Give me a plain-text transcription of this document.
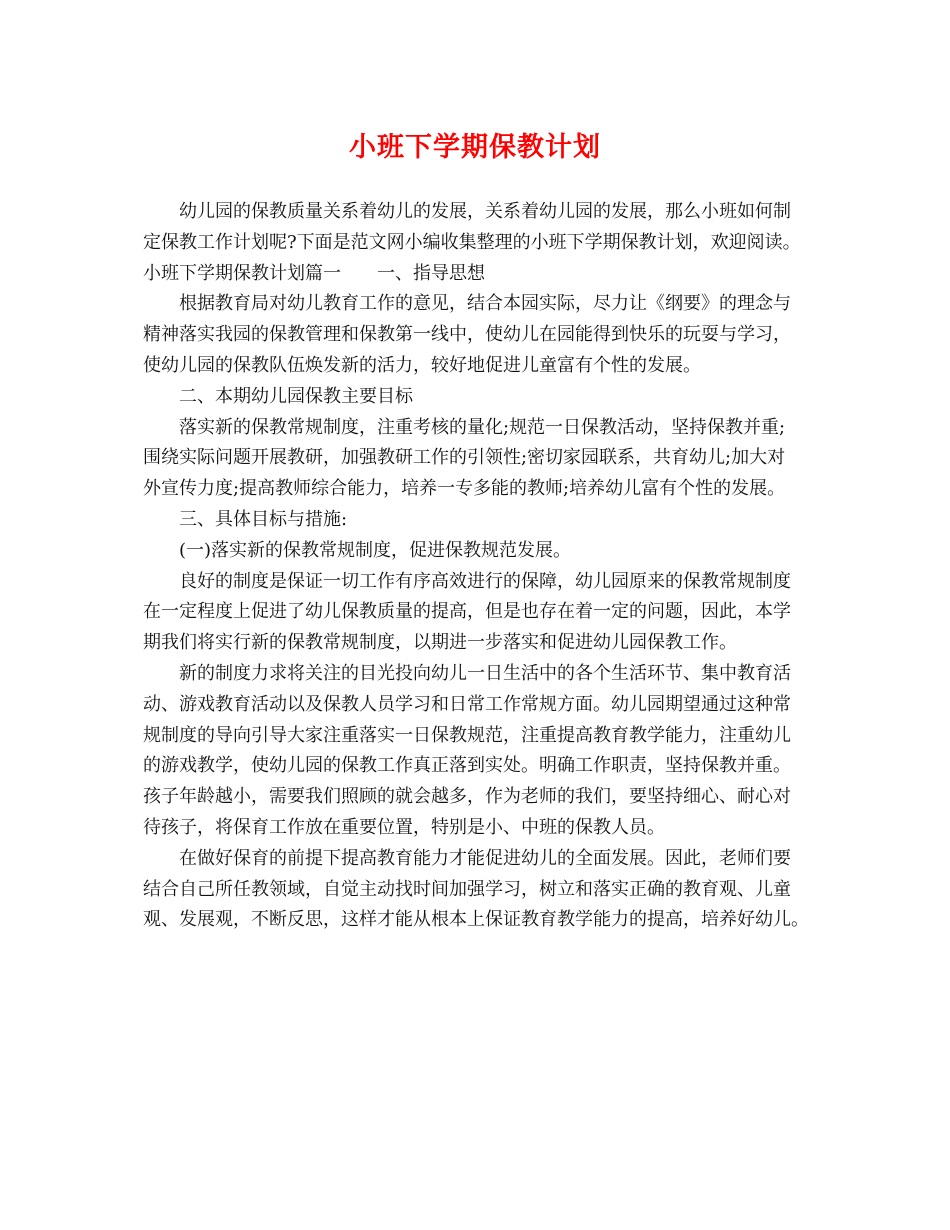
小班下学期保教计划
幼儿园的保教质量关系着幼儿的发展，关系着幼儿园的发展，那么小班如何制
定保教工作计划呢?下面是范文网小编收集整理的小班下学期保教计划，欢迎阅读。
小班下学期保教计划篇一 一、指导思想
根据教育局对幼儿教育工作的意见，结合本园实际，尽力让《纲要》的理念与
精神落实我园的保教管理和保教第一线中，使幼儿在园能得到快乐的玩耍与学习，
使幼儿园的保教队伍焕发新的活力，较好地促进儿童富有个性的发展。
二、本期幼儿园保教主要目标
落实新的保教常规制度，注重考核的量化;规范一日保教活动，坚持保教并重;
围绕实际问题开展教研，加强教研工作的引领性;密切家园联系，共育幼儿;加大对
外宣传力度;提高教师综合能力，培养一专多能的教师;培养幼儿富有个性的发展。
三、具体目标与措施:
(一)落实新的保教常规制度，促进保教规范发展。
良好的制度是保证一切工作有序高效进行的保障，幼儿园原来的保教常规制度
在一定程度上促进了幼儿保教质量的提高，但是也存在着一定的问题，因此，本学
期我们将实行新的保教常规制度，以期进一步落实和促进幼儿园保教工作。
新的制度力求将关注的目光投向幼儿一日生活中的各个生活环节、集中教育活
动、游戏教育活动以及保教人员学习和日常工作常规方面。幼儿园期望通过这种常
规制度的导向引导大家注重落实一日保教规范，注重提高教育教学能力，注重幼儿
的游戏教学，使幼儿园的保教工作真正落到实处。明确工作职责，坚持保教并重。
孩子年龄越小，需要我们照顾的就会越多，作为老师的我们，要坚持细心、耐心对
待孩子，将保育工作放在重要位置，特别是小、中班的保教人员。
在做好保育的前提下提高教育能力才能促进幼儿的全面发展。因此，老师们要
结合自己所任教领域，自觉主动找时间加强学习，树立和落实正确的教育观、儿童
观、发展观，不断反思，这样才能从根本上保证教育教学能力的提高，培养好幼儿。
